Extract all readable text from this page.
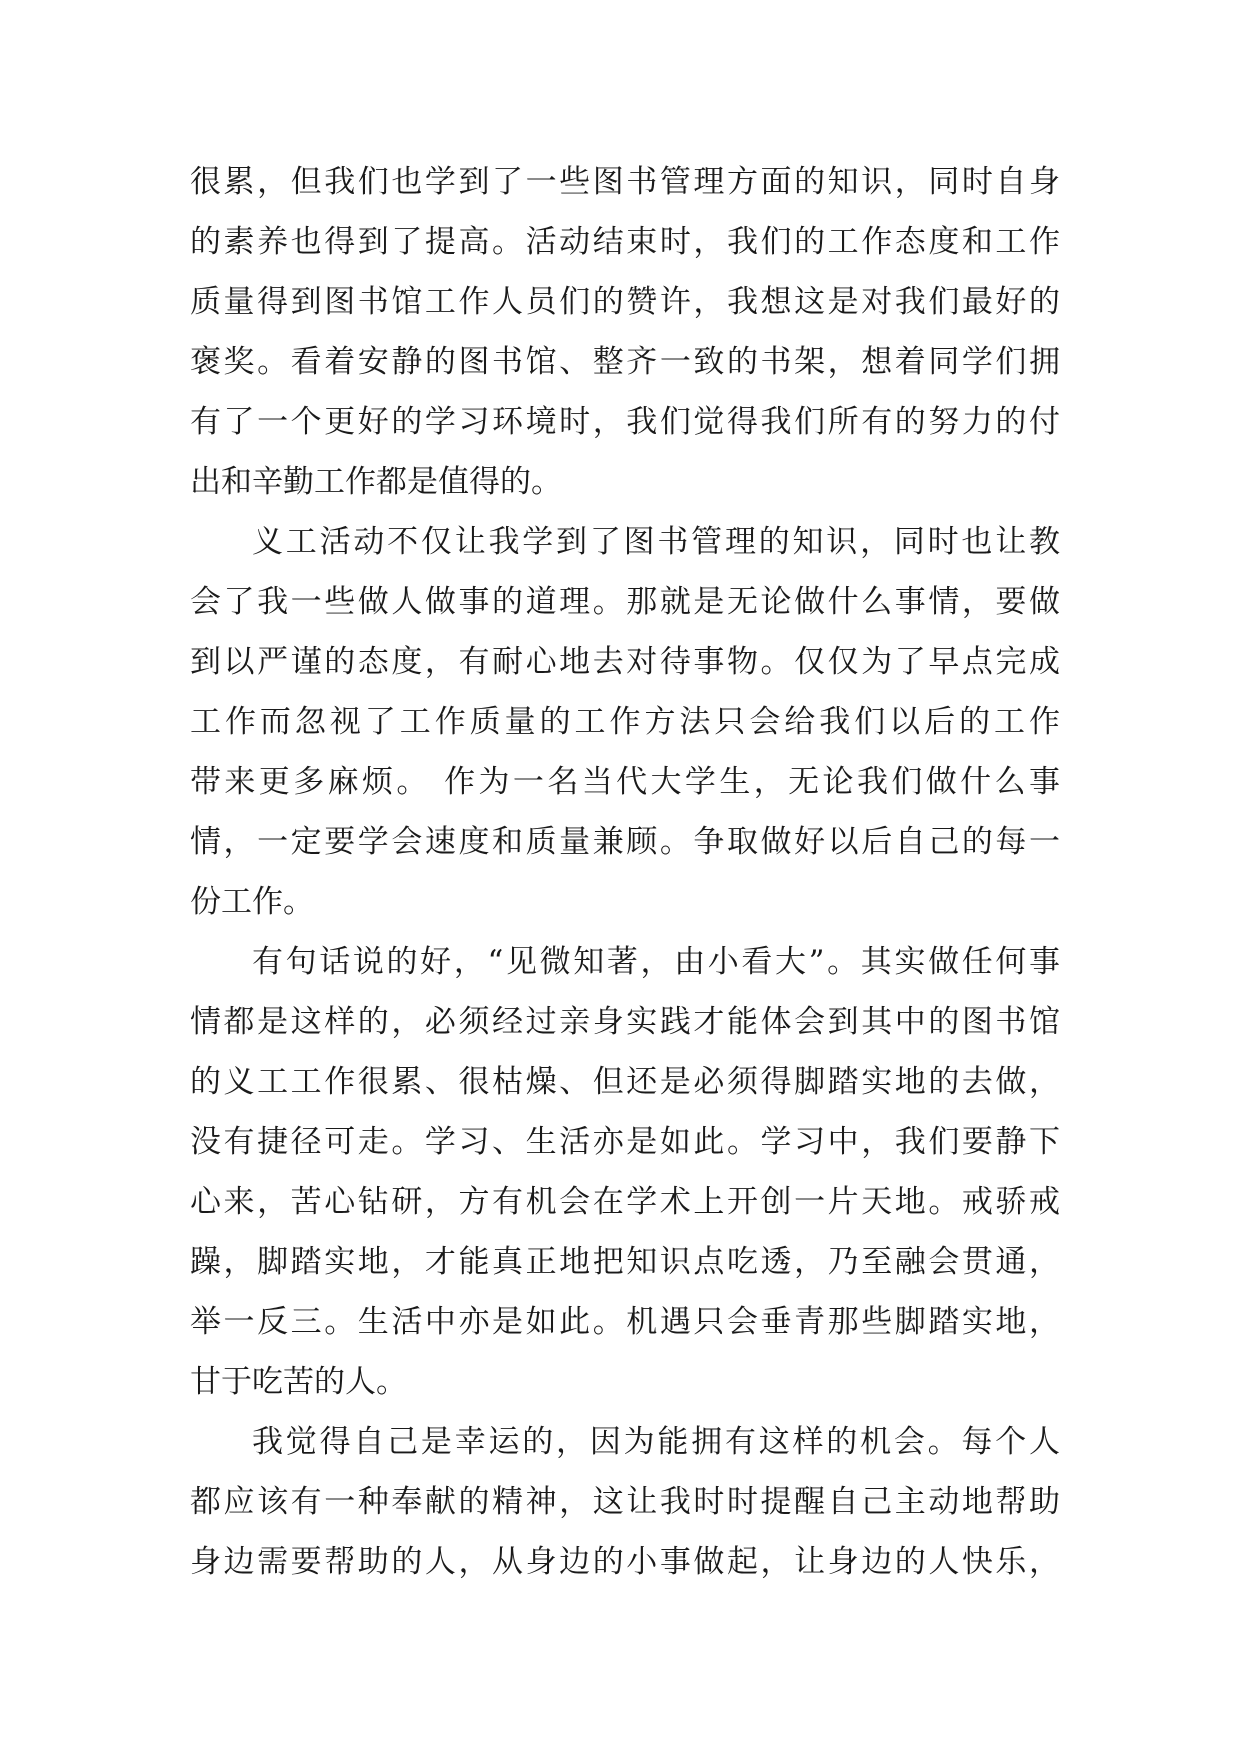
很累，但我们也学到了一些图书管理方面的知识，同时自身
的素养也得到了提高。活动结束时，我们的工作态度和工作
质量得到图书馆工作人员们的赞许，我想这是对我们最好的
褒奖。看着安静的图书馆、整齐一致的书架，想着同学们拥
有了一个更好的学习环境时，我们觉得我们所有的努力的付
出和辛勤工作都是值得的。
义工活动不仅让我学到了图书管理的知识，同时也让教
会了我一些做人做事的道理。那就是无论做什么事情，要做
到以严谨的态度，有耐心地去对待事物。仅仅为了早点完成
工作而忽视了工作质量的工作方法只会给我们以后的工作
带来更多麻烦。 作为一名当代大学生，无论我们做什么事
情，一定要学会速度和质量兼顾。争取做好以后自己的每一
份工作。
有句话说的好，“见微知著，由小看大”。其实做任何事
情都是这样的，必须经过亲身实践才能体会到其中的图书馆
的义工工作很累、很枯燥、但还是必须得脚踏实地的去做，
没有捷径可走。学习、生活亦是如此。学习中，我们要静下
心来，苦心钻研，方有机会在学术上开创一片天地。戒骄戒
躁，脚踏实地，才能真正地把知识点吃透，乃至融会贯通，
举一反三。生活中亦是如此。机遇只会垂青那些脚踏实地，
甘于吃苦的人。
我觉得自己是幸运的，因为能拥有这样的机会。每个人
都应该有一种奉献的精神，这让我时时提醒自己主动地帮助
身边需要帮助的人，从身边的小事做起，让身边的人快乐，
